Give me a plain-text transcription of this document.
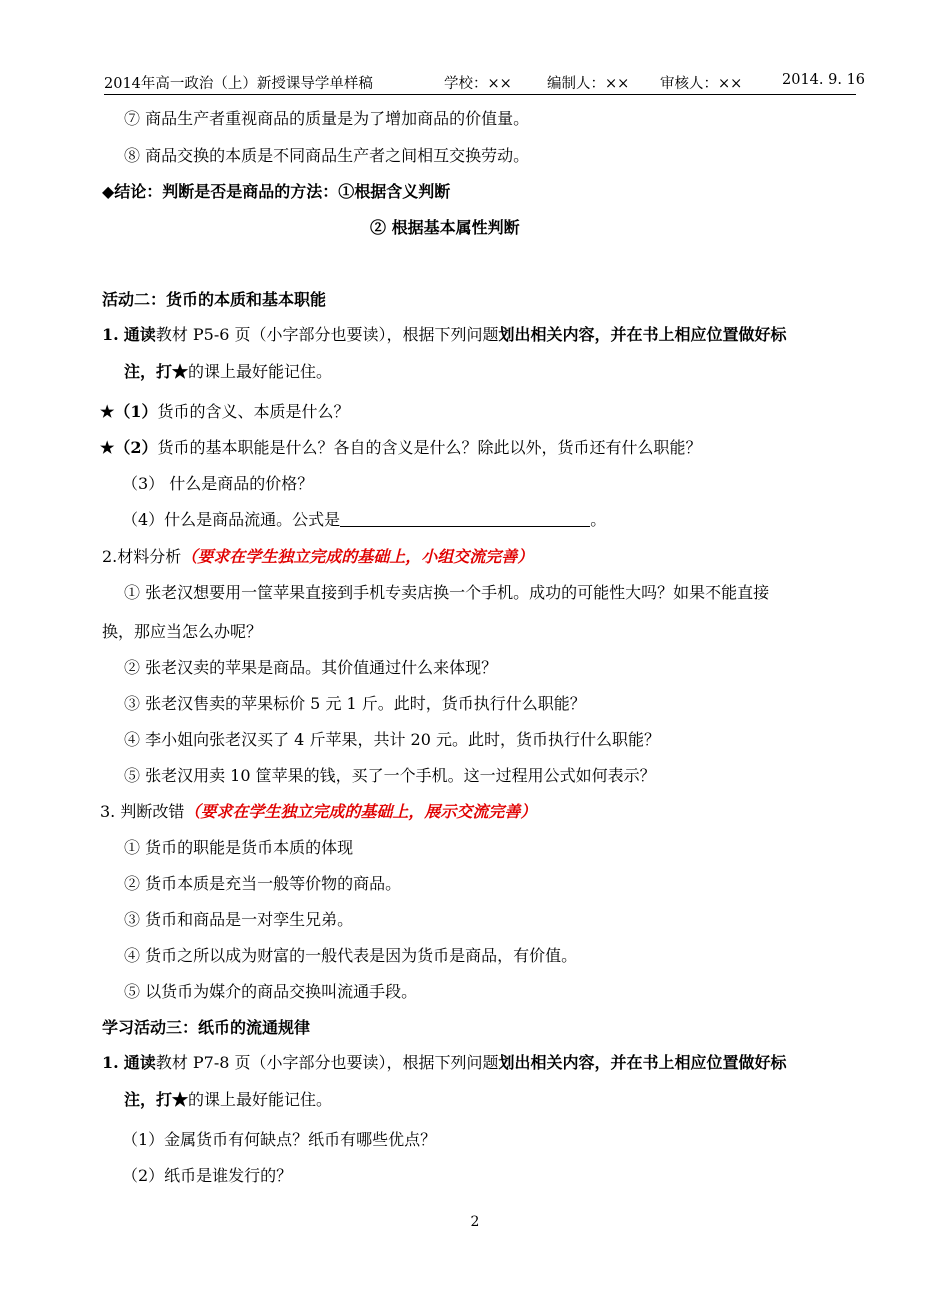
2014年高一政治（上）新授课导学单样稿	学校：×× 编制人：×× 审核人：××	2014. 9. 16
⑦ 商品生产者重视商品的质量是为了增加商品的价值量。
⑧ 商品交换的本质是不同商品生产者之间相互交换劳动。
◆结论：判断是否是商品的方法：①根据含义判断
② 根据基本属性判断
活动二：货币的本质和基本职能
1. 通读教材 P5-6 页（小字部分也要读），根据下列问题划出相关内容，并在书上相应位置做好标
注，打★的课上最好能记住。
★（1）货币的含义、本质是什么？
★（2）货币的基本职能是什么？各自的含义是什么？除此以外，货币还有什么职能？
（3） 什么是商品的价格？
（4）什么是商品流通。公式是	。
2.材料分析（要求在学生独立完成的基础上，小组交流完善）
① 张老汉想要用一筐苹果直接到手机专卖店换一个手机。成功的可能性大吗？如果不能直接
换，那应当怎么办呢？
② 张老汉卖的苹果是商品。其价值通过什么来体现？
③ 张老汉售卖的苹果标价 5 元 1 斤。此时，货币执行什么职能？
④ 李小姐向张老汉买了 4 斤苹果，共计 20 元。此时，货币执行什么职能？
⑤ 张老汉用卖 10 筐苹果的钱，买了一个手机。这一过程用公式如何表示？
3. 判断改错（要求在学生独立完成的基础上，展示交流完善）
① 货币的职能是货币本质的体现
② 货币本质是充当一般等价物的商品。
③ 货币和商品是一对孪生兄弟。
④ 货币之所以成为财富的一般代表是因为货币是商品，有价值。
⑤ 以货币为媒介的商品交换叫流通手段。
学习活动三：纸币的流通规律
1. 通读教材 P7-8 页（小字部分也要读），根据下列问题划出相关内容，并在书上相应位置做好标
注，打★的课上最好能记住。
（1）金属货币有何缺点？纸币有哪些优点？
（2）纸币是谁发行的？
2
